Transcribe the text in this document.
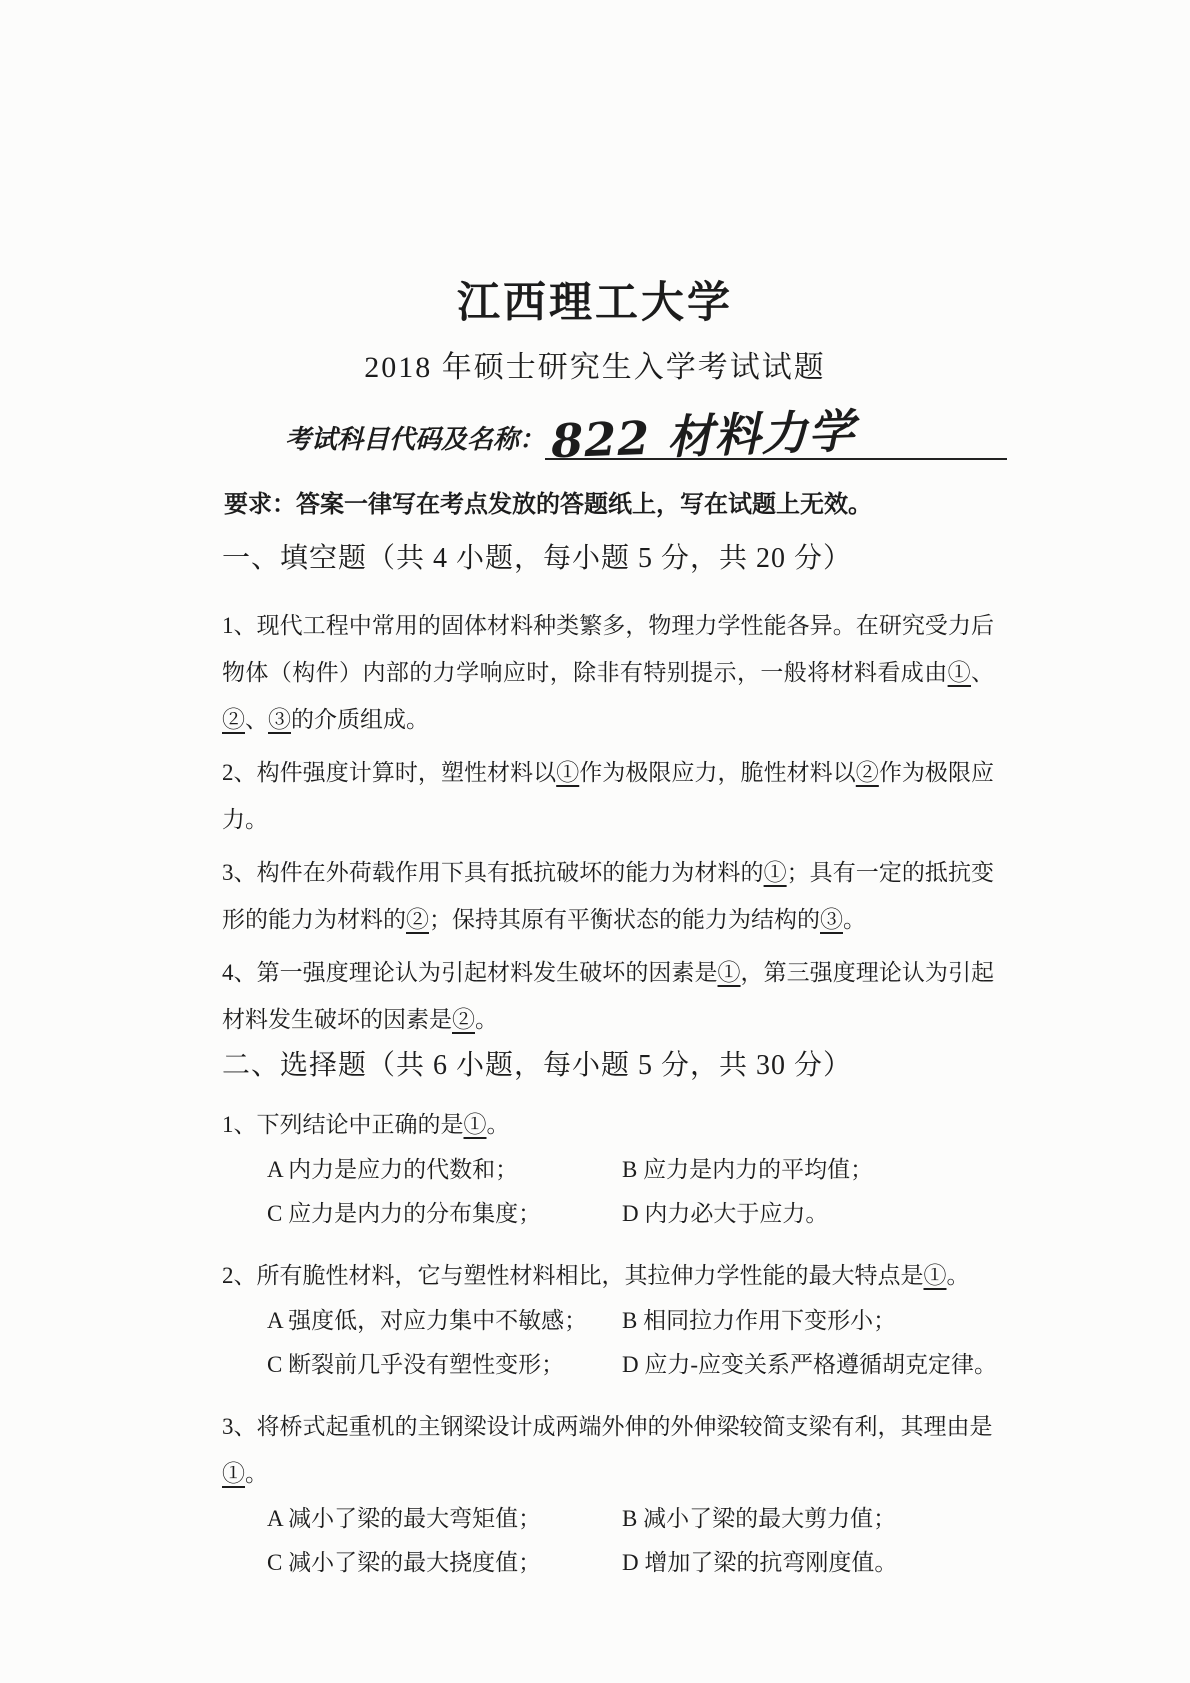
江西理工大学
2018 年硕士研究生入学考试试题
考试科目代码及名称： 822 材料力学
要求：答案一律写在考点发放的答题纸上，写在试题上无效。
一、填空题（共 4 小题，每小题 5 分，共 20 分）
1、现代工程中常用的固体材料种类繁多，物理力学性能各异。在研究受力后物体（构件）内部的力学响应时，除非有特别提示，一般将材料看成由①、②、③的介质组成。
2、构件强度计算时，塑性材料以①作为极限应力，脆性材料以②作为极限应力。
3、构件在外荷载作用下具有抵抗破坏的能力为材料的①；具有一定的抵抗变形的能力为材料的②；保持其原有平衡状态的能力为结构的③。
4、第一强度理论认为引起材料发生破坏的因素是①，第三强度理论认为引起材料发生破坏的因素是②。
二、选择题（共 6 小题，每小题 5 分，共 30 分）
1、下列结论中正确的是①。
A 内力是应力的代数和；	B 应力是内力的平均值；
C 应力是内力的分布集度；	D 内力必大于应力。
2、所有脆性材料，它与塑性材料相比，其拉伸力学性能的最大特点是①。
A 强度低，对应力集中不敏感；	B 相同拉力作用下变形小；
C 断裂前几乎没有塑性变形；	D 应力-应变关系严格遵循胡克定律。
3、将桥式起重机的主钢梁设计成两端外伸的外伸梁较简支梁有利，其理由是①。
A 减小了梁的最大弯矩值；	B 减小了梁的最大剪力值；
C 减小了梁的最大挠度值；	D 增加了梁的抗弯刚度值。
